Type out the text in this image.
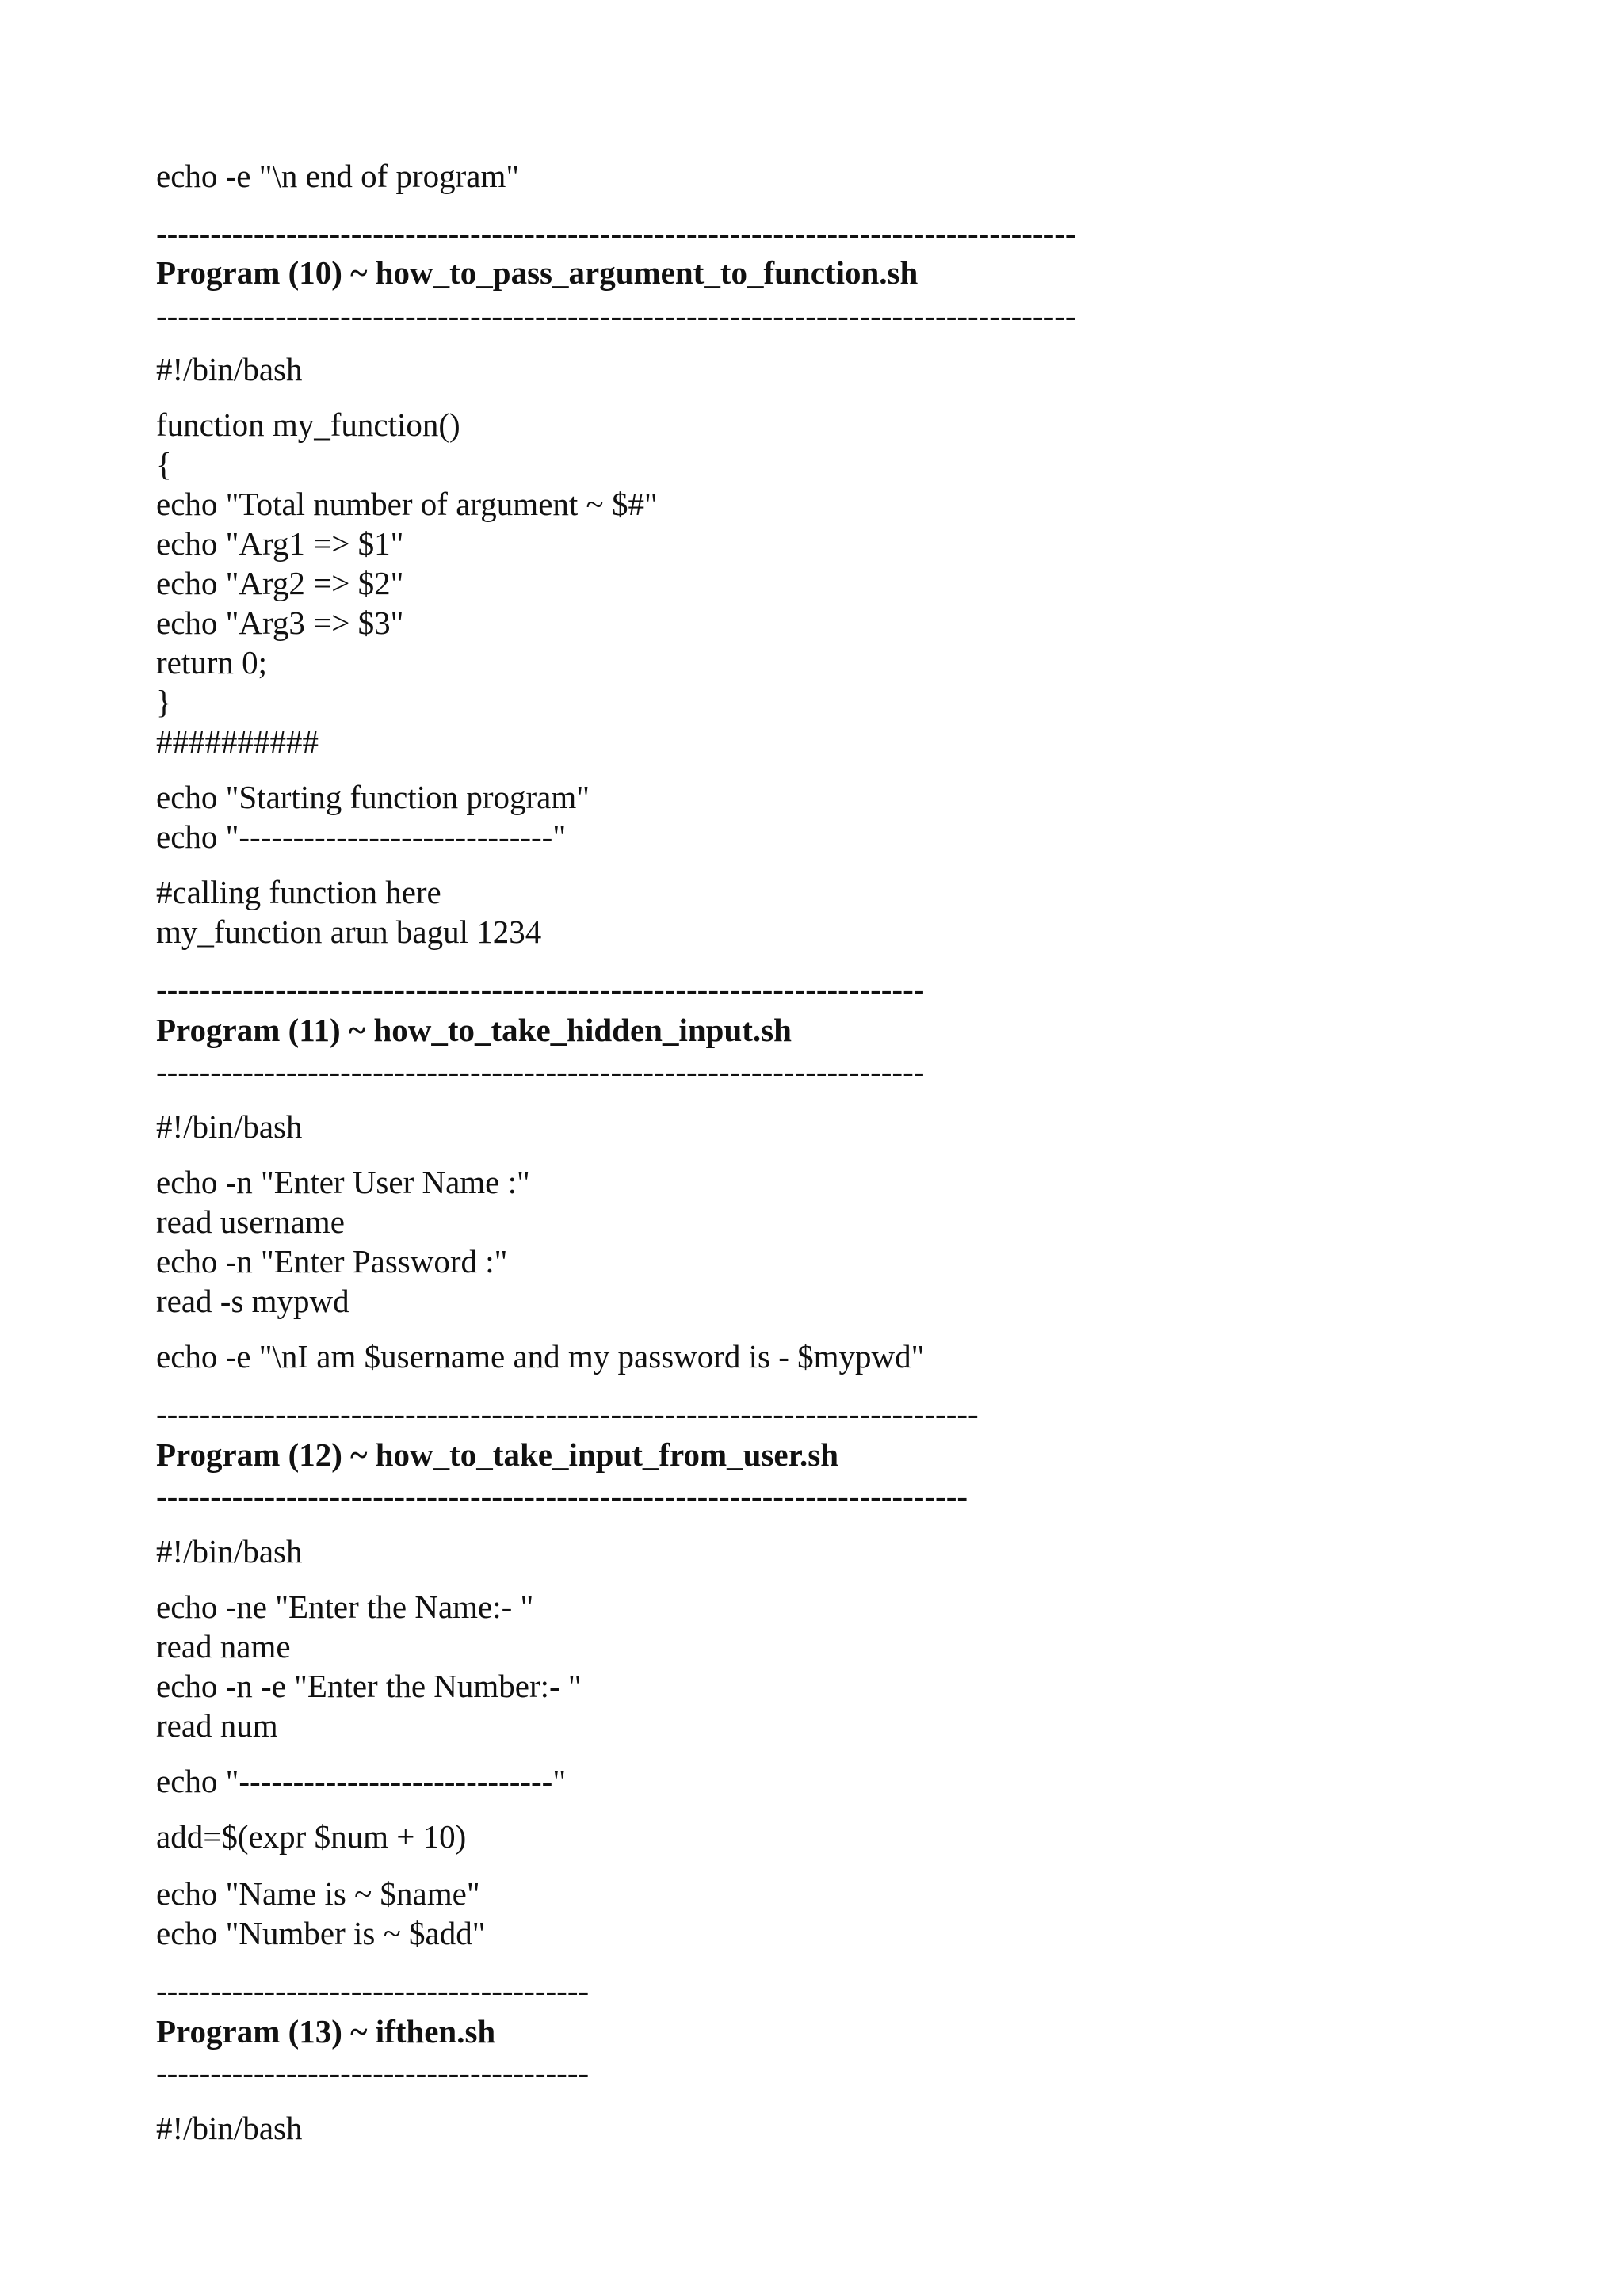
echo -e "\n end of program"
-------------------------------------------------------------------------------------
Program (10) ~ how_to_pass_argument_to_function.sh
-------------------------------------------------------------------------------------
#!/bin/bash
function my_function()
{
echo "Total number of argument ~ $#"
echo "Arg1 => $1"
echo "Arg2 => $2"
echo "Arg3 => $3"
return 0;
}
##########
echo "Starting function program"
echo "-----------------------------"
#calling function here
my_function arun bagul 1234
-----------------------------------------------------------------------
Program (11) ~ how_to_take_hidden_input.sh
-----------------------------------------------------------------------
#!/bin/bash
echo -n "Enter User Name :"
read username
echo -n "Enter Password :"
read -s mypwd
echo -e "\nI am $username and my password is - $mypwd"
----------------------------------------------------------------------------
Program (12) ~ how_to_take_input_from_user.sh
---------------------------------------------------------------------------
#!/bin/bash
echo -ne "Enter the Name:- "
read name
echo -n -e "Enter the Number:- "
read num
echo "-----------------------------"
add=$(expr $num + 10)
echo "Name is ~ $name"
echo "Number is ~ $add"
----------------------------------------
Program (13) ~ ifthen.sh
----------------------------------------
#!/bin/bash
